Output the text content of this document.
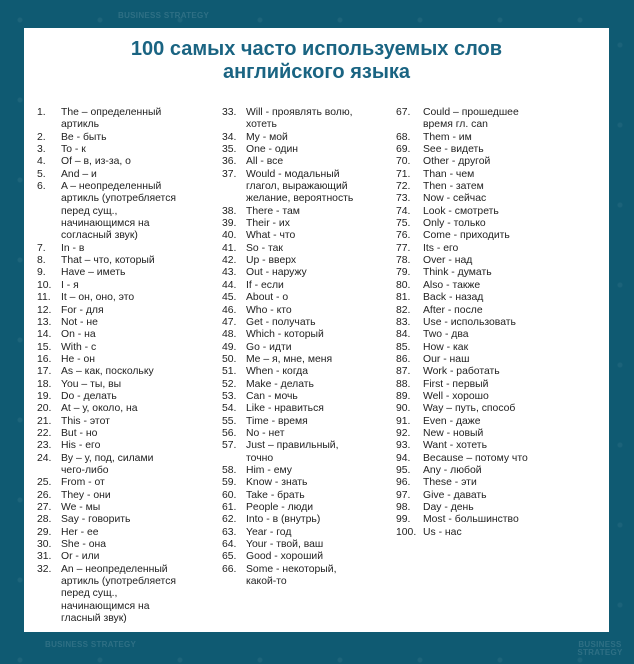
BUSINESS STRATEGY
BUSINESS STRATEGY	BUSINESS STRATEGY
100 самых часто используемых слов
английского языка
1. The – определенный
артикль
2. Be - быть
3. To - к
4. Of – в, из-за, о
5. And – и
6. A – неопределенный
артикль (употребляется
перед сущ.,
начинающимся на
согласный звук)
7. In - в
8. That – что, который
9. Have – иметь
10. I - я
11. It – он, оно, это
12. For - для
13. Not - не
14. On - на
15. With - с
16. He - он
17. As – как, поскольку
18. You – ты, вы
19. Do - делать
20. At – у, около, на
21. This - этот
22. But - но
23. His - его
24. By – у, под, силами
чего-либо
25. From - от
26. They - они
27. We - мы
28. Say - говорить
29. Her - ее
30. She - она
31. Or - или
32. An – неопределенный
артикль (употребляется
перед сущ.,
начинающимся на
гласный звук)
33. Will - проявлять волю,
хотеть
34. My - мой
35. One - один
36. All - все
37. Would - модальный
глагол, выражающий
желание, вероятность
38. There - там
39. Their - их
40. What - что
41. So - так
42. Up - вверх
43. Out - наружу
44. If - если
45. About - о
46. Who - кто
47. Get - получать
48. Which - который
49. Go - идти
50. Me – я, мне, меня
51. When - когда
52. Make - делать
53. Can - мочь
54. Like - нравиться
55. Time - время
56. No - нет
57. Just – правильный,
точно
58. Him - ему
59. Know - знать
60. Take - брать
61. People - люди
62. Into - в (внутрь)
63. Year - год
64. Your - твой, ваш
65. Good - хороший
66. Some - некоторый,
какой-то
67. Could – прошедшее
время гл. can
68. Them - им
69. See - видеть
70. Other - другой
71. Than - чем
72. Then - затем
73. Now - сейчас
74. Look - смотреть
75. Only - только
76. Come - приходить
77. Its - его
78. Over - над
79. Think - думать
80. Also - также
81. Back - назад
82. After - после
83. Use - использовать
84. Two - два
85. How - как
86. Our - наш
87. Work - работать
88. First - первый
89. Well - хорошо
90. Way – путь, способ
91. Even - даже
92. New - новый
93. Want - хотеть
94. Because – потому что
95. Any - любой
96. These - эти
97. Give - давать
98. Day - день
99. Most - большинство
100. Us - нас
